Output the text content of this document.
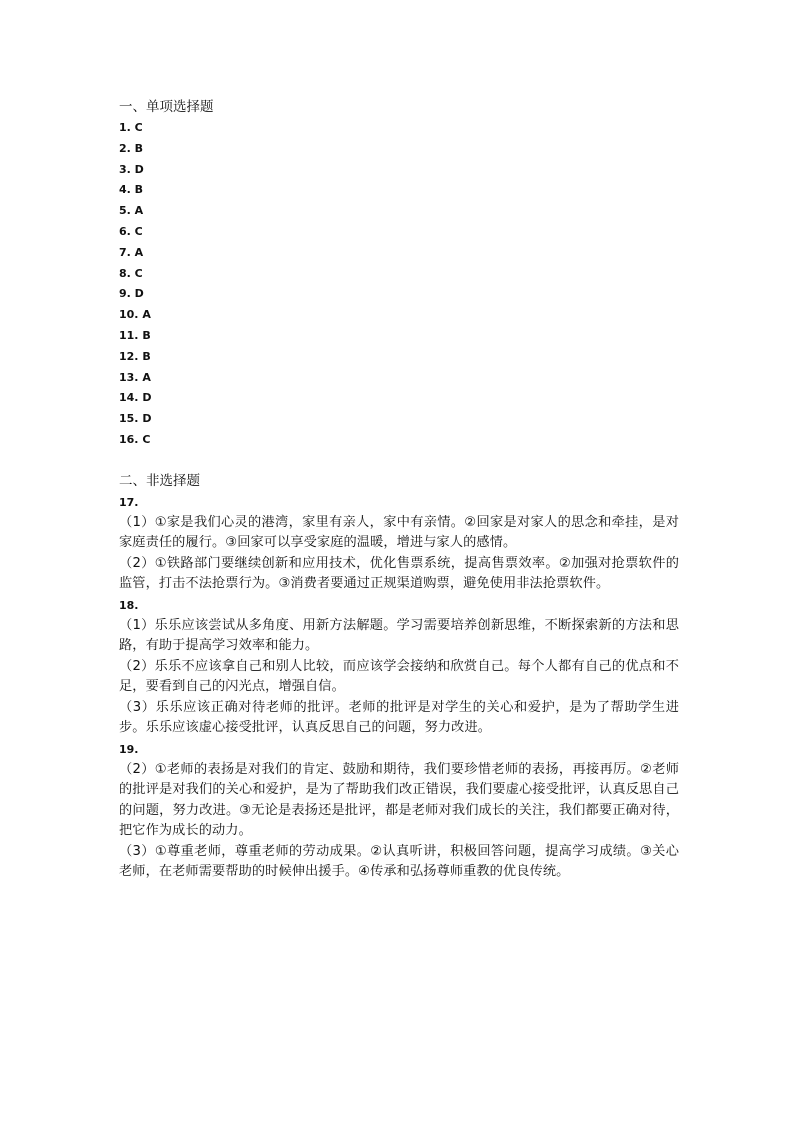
一、单项选择题
1. C
2. B
3. D
4. B
5. A
6. C
7. A
8. C
9. D
10. A
11. B
12. B
13. A
14. D
15. D
16. C
二、非选择题
17.

（1）①家是我们心灵的港湾，家里有亲人，家中有亲情。②回家是对家人的思念和牵挂，是对家庭责任的履行。③回家可以享受家庭的温暖，增进与家人的感情。

（2）①铁路部门要继续创新和应用技术，优化售票系统，提高售票效率。②加强对抢票软件的监管，打击不法抢票行为。③消费者要通过正规渠道购票，避免使用非法抢票软件。

18.

（1）乐乐应该尝试从多角度、用新方法解题。学习需要培养创新思维，不断探索新的方法和思路，有助于提高学习效率和能力。

（2）乐乐不应该拿自己和别人比较，而应该学会接纳和欣赏自己。每个人都有自己的优点和不足，要看到自己的闪光点，增强自信。

（3）乐乐应该正确对待老师的批评。老师的批评是对学生的关心和爱护，是为了帮助学生进步。乐乐应该虚心接受批评，认真反思自己的问题，努力改进。

19.

（2）①老师的表扬是对我们的肯定、鼓励和期待，我们要珍惜老师的表扬，再接再厉。②老师的批评是对我们的关心和爱护，是为了帮助我们改正错误，我们要虚心接受批评，认真反思自己的问题，努力改进。③无论是表扬还是批评，都是老师对我们成长的关注，我们都要正确对待，把它作为成长的动力。

（3）①尊重老师，尊重老师的劳动成果。②认真听讲，积极回答问题，提高学习成绩。③关心老师，在老师需要帮助的时候伸出援手。④传承和弘扬尊师重教的优良传统。
